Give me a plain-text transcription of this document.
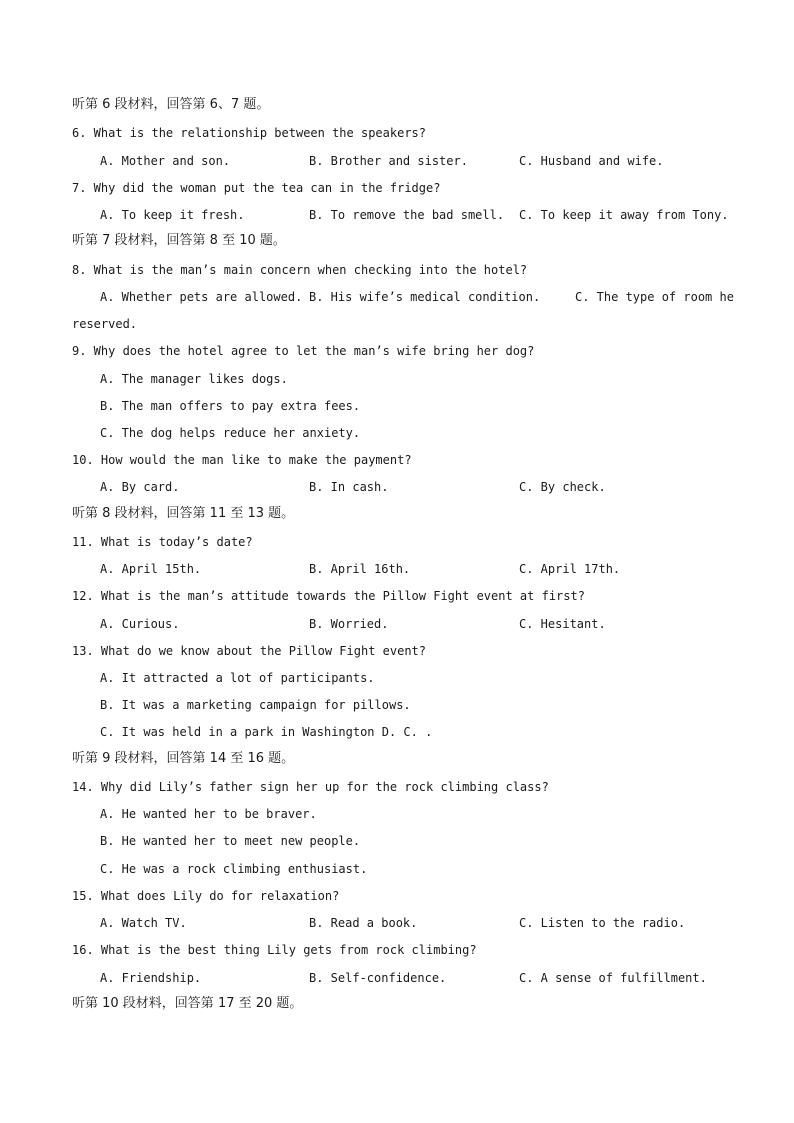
听第 6 段材料，回答第 6、7 题。
6. What is the relationship between the speakers?

A. Mother and son.

	B. Brother and sister.

	C. Husband and wife.

7. Why did the woman put the tea can in the fridge?

A. To keep it fresh.

	B. To remove the bad smell.

C. To keep it away from Tony.

听第 7 段材料，回答第 8 至 10 题。
8. What is the man’s main concern when checking into the hotel?

A. Whether pets are allowed.

B. His wife’s medical condition.

	C. The type of room he

reserved.
9. Why does the hotel agree to let the man’s wife bring her dog?
A. The manager likes dogs.
B. The man offers to pay extra fees.
C. The dog helps reduce her anxiety.
10. How would the man like to make the payment?

A. By card.

	B. In cash.

	C. By check.

听第 8 段材料，回答第 11 至 13 题。
11. What is today’s date?

A. April 15th.

	B. April 16th.

	C. April 17th.

12. What is the man’s attitude towards the Pillow Fight event at first?

A. Curious.

	B. Worried.

	C. Hesitant.

13. What do we know about the Pillow Fight event?
A. It attracted a lot of participants.
B. It was a marketing campaign for pillows.
C. It was held in a park in Washington D. C. .
听第 9 段材料，回答第 14 至 16 题。
14. Why did Lily’s father sign her up for the rock climbing class?
A. He wanted her to be braver.
B. He wanted her to meet new people.
C. He was a rock climbing enthusiast.
15. What does Lily do for relaxation?

A. Watch TV.

	B. Read a book.

	C. Listen to the radio.

16. What is the best thing Lily gets from rock climbing?

A. Friendship.

	B. Self-confidence.

	C. A sense of fulfillment.

听第 10 段材料，回答第 17 至 20 题。
